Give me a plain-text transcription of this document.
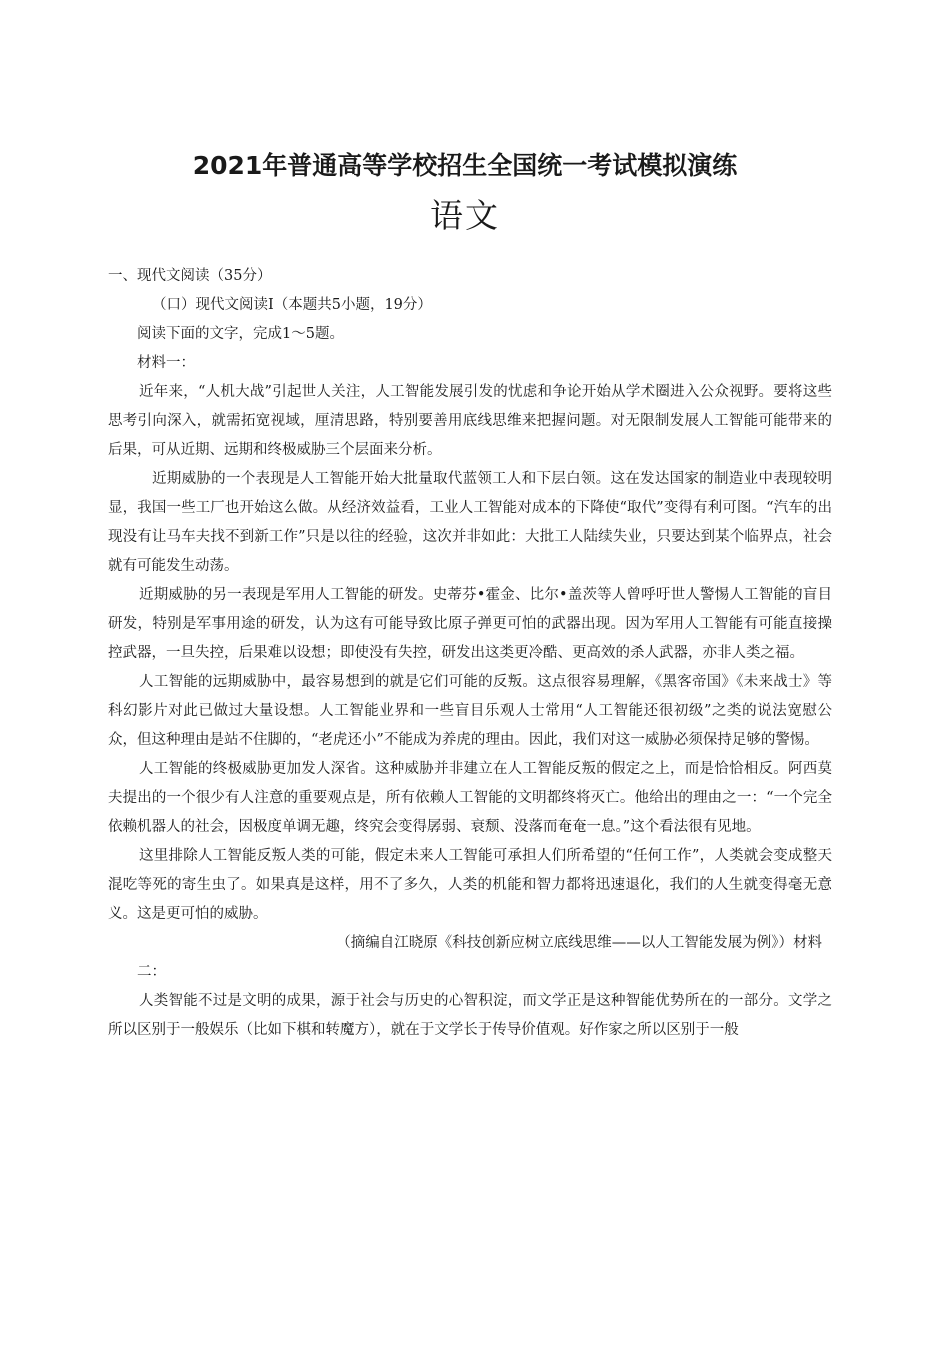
2021年普通高等学校招生全国统一考试模拟演练
语文
一、现代文阅读（35分）
（口）现代文阅读I（本题共5小题，19分）
阅读下面的文字，完成1〜5题。
材料一：

近年来，“人机大战”引起世人关注，人工智能发展引发的忧虑和争论开始从学术圈进入公众视野。要将这些思考引向深入，就需拓宽视域，厘清思路，特别要善用底线思维来把握问题。对无限制发展人工智能可能带来的后果，可从近期、远期和终极威胁三个层面来分析。

近期威胁的一个表现是人工智能开始大批量取代蓝领工人和下层白领。这在发达国家的制造业中表现较明显，我国一些工厂也开始这么做。从经济效益看，工业人工智能对成本的下降使“取代”变得有利可图。“汽车的出现没有让马车夫找不到新工作”只是以往的经验，这次并非如此：大批工人陆续失业，只要达到某个临界点，社会就有可能发生动荡。

近期威胁的另一表现是军用人工智能的研发。史蒂芬•霍金、比尔•盖茨等人曾呼吁世人警惕人工智能的盲目研发，特别是军事用途的研发，认为这有可能导致比原子弹更可怕的武器出现。因为军用人工智能有可能直接操控武器，一旦失控，后果难以设想；即使没有失控，研发出这类更冷酷、更高效的杀人武器，亦非人类之福。

人工智能的远期威胁中，最容易想到的就是它们可能的反叛。这点很容易理解，《黑客帝国》《未来战士》等科幻影片对此已做过大量设想。人工智能业界和一些盲目乐观人士常用“人工智能还很初级”之类的说法宽慰公众，但这种理由是站不住脚的，“老虎还小”不能成为养虎的理由。因此，我们对这一威胁必须保持足够的警惕。

人工智能的终极威胁更加发人深省。这种威胁并非建立在人工智能反叛的假定之上，而是恰恰相反。阿西莫夫提出的一个很少有人注意的重要观点是，所有依赖人工智能的文明都终将灭亡。他给出的理由之一：“一个完全依赖机器人的社会，因极度单调无趣，终究会变得孱弱、衰颓、没落而奄奄一息。”这个看法很有见地。

这里排除人工智能反叛人类的可能，假定未来人工智能可承担人们所希望的“任何工作”，人类就会变成整天混吃等死的寄生虫了。如果真是这样，用不了多久，人类的机能和智力都将迅速退化，我们的人生就变得毫无意义。这是更可怕的威胁。

（摘编自江晓原《科技创新应树立底线思维——以人工智能发展为例》）材料
二：

人类智能不过是文明的成果，源于社会与历史的心智积淀，而文学正是这种智能优势所在的一部分。文学之所以区别于一般娱乐（比如下棋和转魔方），就在于文学长于传导价值观。好作家之所以区别于一般
